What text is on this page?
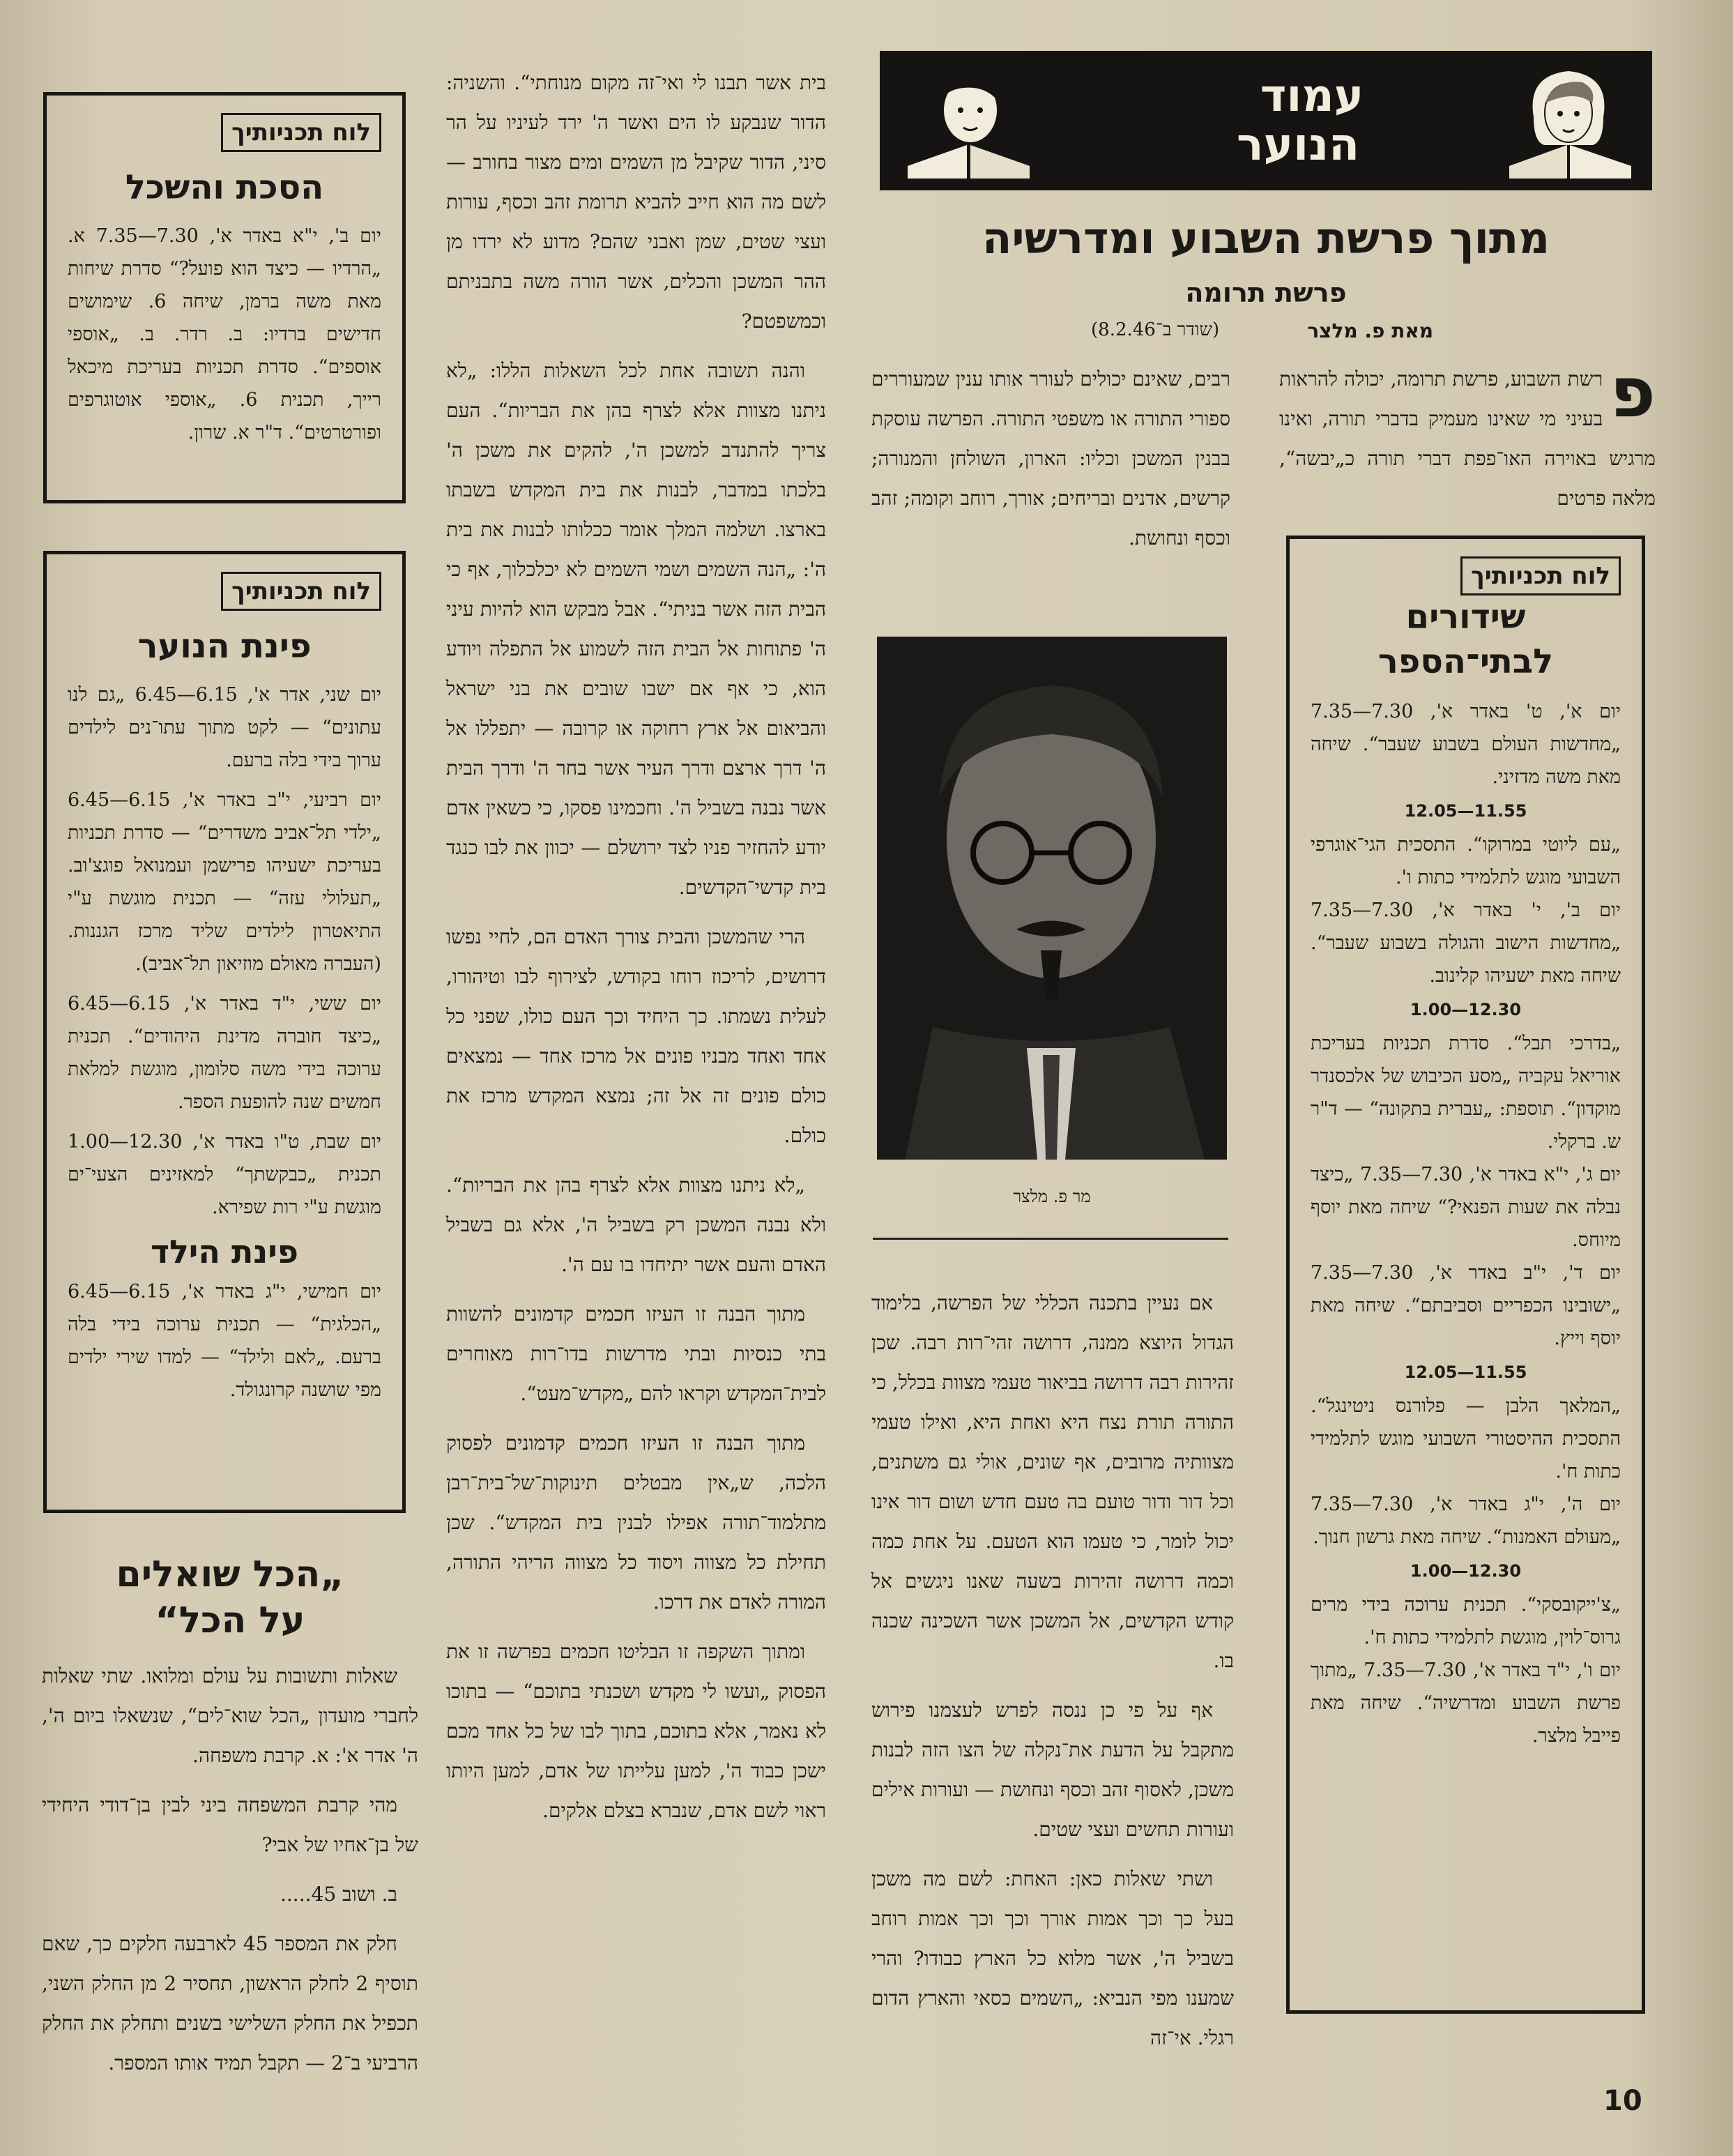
עמוד
הנוער
מתוך פרשת השבוע ומדרשיה
פרשת תרומה
מאת פ. מלצר
(שודר ב־8.2.46)
פ
רשת השבוע, פרשת תרומה, יכולה להראות בעיני מי שאינו מעמיק בדברי תורה, ואינו מרגיש באוירה האו־פפת דברי תורה כ„יבשה“, מלאה פרטים
לוח תכניותיך
שידורים
לבתי־הספר
יום א', ט' באדר א', 7.30—7.35 „מחדשות העולם בשבוע שעבר“. שיחה מאת משה מדזיני.
11.55—12.05
„עם ליוטי במרוקו“. התסכית הגי־אוגרפי השבועי מוגש לתלמידי כתות ו'.
יום ב', י' באדר א', 7.30—7.35 „מחדשות הישוב והגולה בשבוע שעבר“. שיחה מאת ישעיהו קלינוב.
12.30—1.00
„בדרכי תבל“. סדרת תכניות בעריכת אוריאל עקביה „מסע הכיבוש של אלכסנדר מוקדון“. תוספת: „עברית בתקונה“ — ד"ר ש. ברקלי.
יום ג', י"א באדר א', 7.30—7.35 „כיצד נבלה את שעות הפנאי?“ שיחה מאת יוסף מיוחס.
יום ד', י"ב באדר א', 7.30—7.35 „ישובינו הכפריים וסביבתם“. שיחה מאת יוסף וייץ.
11.55—12.05
„המלאך הלבן — פלורנס ניטינגל“. התסכית ההיסטורי השבועי מוגש לתלמידי כתות ח'.
יום ה', י"ג באדר א', 7.30—7.35 „מעולם האמנות“. שיחה מאת גרשון חנוך.
12.30—1.00
„צ'ייקובסקי“. תכנית ערוכה בידי מרים גרוס־לוין, מוגשת לתלמידי כתות ח'.
יום ו', י"ד באדר א', 7.30—7.35 „מתוך פרשת השבוע ומדרשיה“. שיחה מאת פייבל מלצר.
רבים, שאינם יכולים לעורר אותו ענין שמעוררים ספורי התורה או משפטי התורה. הפרשה עוסקת בבנין המשכן וכליו: הארון, השולחן והמנורה; קרשים, אדנים ובריחים; אורך, רוחב וקומה; זהב וכסף ונחושת.
מר פ. מלצר

אם נעיין בתכנה הכללי של הפרשה, בלימוד הגדול היוצא ממנה, דרושה זהי־רות רבה. שכן זהירות רבה דרושה בביאור טעמי מצוות בכלל, כי התורה תורת נצח היא ואחת היא, ואילו טעמי מצוותיה מרובים, אף שונים, אולי גם משתנים, וכל דור ודור טועם בה טעם חדש ושום דור אינו יכול לומר, כי טעמו הוא הטעם. על אחת כמה וכמה דרושה זהירות בשעה שאנו ניגשים אל קודש הקדשים, אל המשכן אשר השכינה שכנה בו.

אף על פי כן ננסה לפרש לעצמנו פירוש מתקבל על הדעת את־נקלה של הצו הזה לבנות משכן, לאסוף זהב וכסף ונחושת — ועורות אילים ועורות תחשים ועצי שטים.

ושתי שאלות כאן: האחת: לשם מה משכן בעל כך וכך אמות אורך וכך וכך אמות רוחב בשביל ה', אשר מלוא כל הארץ כבודו? והרי שמענו מפי הנביא: „השמים כסאי והארץ הדום רגלי. אי־זה

בית אשר תבנו לי ואי־זה מקום מנוחתי“. והשניה: הדור שנבקע לו הים ואשר ה' ירד לעיניו על הר סיני, הדור שקיבל מן השמים ומים מצור בחורב — לשם מה הוא חייב להביא תרומת זהב וכסף, עורות ועצי שטים, שמן ואבני שהם? מדוע לא ירדו מן ההר המשכן והכלים, אשר הורה משה בתבניתם וכמשפטם?

והנה תשובה אחת לכל השאלות הללו: „לא ניתנו מצוות אלא לצרף בהן את הבריות“. העם צריך להתנדב למשכן ה', להקים את משכן ה' בלכתו במדבר, לבנות את בית המקדש בשבתו בארצו. ושלמה המלך אומר ככלותו לבנות את בית ה': „הנה השמים ושמי השמים לא יכלכלוך, אף כי הבית הזה אשר בניתי“. אבל מבקש הוא להיות עיני ה' פתוחות אל הבית הזה לשמוע אל התפלה ויודע הוא, כי אף אם ישבו שובים את בני ישראל והביאום אל ארץ רחוקה או קרובה — יתפללו אל ה' דרך ארצם ודרך העיר אשר בחר ה' ודרך הבית אשר נבנה בשביל ה'. וחכמינו פסקו, כי כשאין אדם יודע להחזיר פניו לצד ירושלם — יכוון את לבו כנגד בית קדשי־הקדשים.

הרי שהמשכן והבית צורך האדם הם, לחיי נפשו דרושים, לריכוז רוחו בקודש, לצירוף לבו וטיהורו, לעלית נשמתו. כך היחיד וכך העם כולו, שפני כל אחד ואחד מבניו פונים אל מרכז אחד — נמצאים כולם פונים זה אל זה; נמצא המקדש מרכז את כולם.

„לא ניתנו מצוות אלא לצרף בהן את הבריות“. ולא נבנה המשכן רק בשביל ה', אלא גם בשביל האדם והעם אשר יתיחדו בו עם ה'.

מתוך הבנה זו העיזו חכמים קדמונים להשוות בתי כנסיות ובתי מדרשות בדו־רות מאוחרים לבית־המקדש וקראו להם „מקדש־מעט“.

מתוך הבנה זו העיזו חכמים קדמונים לפסוק הלכה, ש„אין מבטלים תינוקות־של־בית־רבן מתלמוד־תורה אפילו לבנין בית המקדש“. שכן תחילת כל מצווה ויסוד כל מצווה הריהי התורה, המורה לאדם את דרכו.

ומתוך השקפה זו הבליטו חכמים בפרשה זו את הפסוק „ועשו לי מקדש ושכנתי בתוכם“ — בתוכו לא נאמר, אלא בתוכם, בתוך לבו של כל אחד מכם ישכן כבוד ה', למען עלייתו של אדם, למען היותו ראוי לשם אדם, שנברא בצלם אלקים.

לוח תכניותיך
הסכת והשכל
יום ב', י"א באדר א', 7.30—7.35 א. „הרדיו — כיצד הוא פועל?“ סדרת שיחות מאת משה ברמן, שיחה 6. שימושים חדישים ברדיו: ב. רדר. ב. „אוספי אוספים“. סדרת תכניות בעריכת מיכאל רייך, תכנית 6. „אוספי אוטוגרפים ופורטרטים“. ד"ר א. שרון.
לוח תכניותיך
פינת הנוער
יום שני, אדר א', 6.15—6.45 „גם לנו עתונים“ — לקט מתוך עתו־נים לילדים ערוך בידי בלה ברעם.
יום רביעי, י"ב באדר א', 6.15—6.45 „ילדי תל־אביב משדרים“ — סדרת תכניות בעריכת ישעיהו פרישמן ועמנואל פוגצ'וב. „תעלולי עזה“ — תכנית מוגשת ע"י התיאטרון לילדים שליד מרכז הגננות. (העברה מאולם מוזיאון תל־אביב).
יום ששי, י"ד באדר א', 6.15—6.45 „כיצד חוברה מדינת היהודים“. תכנית ערוכה בידי משה סלומון, מוגשת למלאת חמשים שנה להופעת הספר.
יום שבת, ט"ו באדר א', 12.30—1.00 תכנית „כבקשתך“ למאזינים הצעי־ים מוגשת ע"י רות שפירא.
פינת הילד
יום חמישי, י"ג באדר א', 6.15—6.45 „הכלגית“ — תכנית ערוכה בידי בלה ברעם. „לאם ולילד“ — למדו שירי ילדים מפי שושנה קרונגולד.
„הכל שואלים
על הכל“

שאלות ותשובות על עולם ומלואו. שתי שאלות לחברי מועדון „הכל שוא־לים“, שנשאלו ביום ה', ה' אדר א': א. קרבת משפחה.

מהי קרבת המשפחה ביני לבין בן־דודי היחידי של בן־אחיו של אבי?

ב. ושוב 45.....

חלק את המספר 45 לארבעה חלקים כך, שאם תוסיף 2 לחלק הראשון, תחסיר 2 מן החלק השני, תכפיל את החלק השלישי בשנים ותחלק את החלק הרביעי ב־2 — תקבל תמיד אותו המספר.

10
